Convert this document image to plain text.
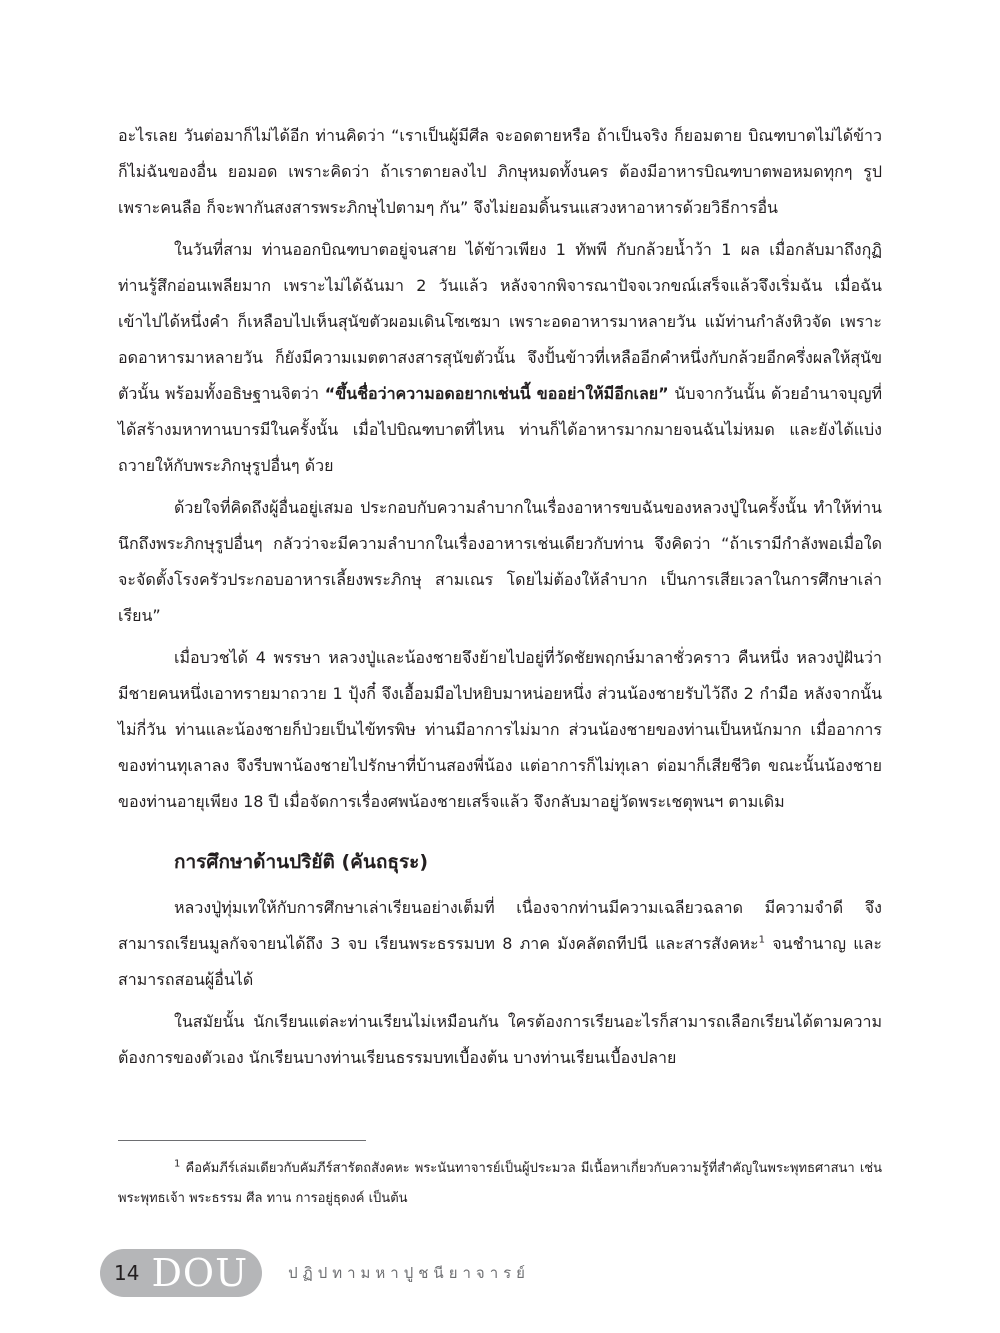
อะไรเลย วันต่อมาก็ไม่ได้อีก ท่านคิดว่า “เราเป็นผู้มีศีล จะอดตายหรือ ถ้าเป็นจริง ก็ยอมตาย บิณฑบาตไม่ได้ข้าว ก็ไม่ฉันของอื่น ยอมอด เพราะคิดว่า ถ้าเราตายลงไป ภิกษุหมดทั้งนคร ต้องมีอาหารบิณฑบาตพอหมดทุกๆ รูป เพราะคนลือ ก็จะพากันสงสารพระภิกษุไปตามๆ กัน” จึงไม่ยอมดิ้นรนแสวงหาอาหารด้วยวิธีการอื่น

ในวันที่สาม ท่านออกบิณฑบาตอยู่จนสาย ได้ข้าวเพียง 1 ทัพพี กับกล้วยน้ำว้า 1 ผล เมื่อกลับมาถึงกุฏิ ท่านรู้สึกอ่อนเพลียมาก เพราะไม่ได้ฉันมา 2 วันแล้ว หลังจากพิจารณาปัจจเวกขณ์เสร็จแล้วจึงเริ่มฉัน เมื่อฉันเข้าไปได้หนึ่งคำ ก็เหลือบไปเห็นสุนัขตัวผอมเดินโซเซมา เพราะอดอาหารมาหลายวัน แม้ท่านกำลังหิวจัด เพราะอดอาหารมาหลายวัน ก็ยังมีความเมตตาสงสารสุนัขตัวนั้น จึงปั้นข้าวที่เหลืออีกคำหนึ่งกับกล้วยอีกครึ่งผลให้สุนัขตัวนั้น พร้อมทั้งอธิษฐานจิตว่า “ขึ้นชื่อว่าความอดอยากเช่นนี้ ขออย่าให้มีอีกเลย” นับจากวันนั้น ด้วยอำนาจบุญที่ได้สร้างมหาทานบารมีในครั้งนั้น เมื่อไปบิณฑบาตที่ไหน ท่านก็ได้อาหารมากมายจนฉันไม่หมด และยังได้แบ่งถวายให้กับพระภิกษุรูปอื่นๆ ด้วย

ด้วยใจที่คิดถึงผู้อื่นอยู่เสมอ ประกอบกับความลำบากในเรื่องอาหารขบฉันของหลวงปู่ในครั้งนั้น ทำให้ท่านนึกถึงพระภิกษุรูปอื่นๆ กลัวว่าจะมีความลำบากในเรื่องอาหารเช่นเดียวกับท่าน จึงคิดว่า “ถ้าเรามีกำลังพอเมื่อใด จะจัดตั้งโรงครัวประกอบอาหารเลี้ยงพระภิกษุ สามเณร โดยไม่ต้องให้ลำบาก เป็นการเสียเวลาในการศึกษาเล่าเรียน”

เมื่อบวชได้ 4 พรรษา หลวงปู่และน้องชายจึงย้ายไปอยู่ที่วัดชัยพฤกษ์มาลาชั่วคราว คืนหนึ่ง หลวงปู่ฝันว่า มีชายคนหนึ่งเอาทรายมาถวาย 1 ปุ้งกี๋ จึงเอื้อมมือไปหยิบมาหน่อยหนึ่ง ส่วนน้องชายรับไว้ถึง 2 กำมือ หลังจากนั้นไม่กี่วัน ท่านและน้องชายก็ป่วยเป็นไข้ทรพิษ ท่านมีอาการไม่มาก ส่วนน้องชายของท่านเป็นหนักมาก เมื่ออาการของท่านทุเลาลง จึงรีบพาน้องชายไปรักษาที่บ้านสองพี่น้อง แต่อาการก็ไม่ทุเลา ต่อมาก็เสียชีวิต ขณะนั้นน้องชายของท่านอายุเพียง 18 ปี เมื่อจัดการเรื่องศพน้องชายเสร็จแล้ว จึงกลับมาอยู่วัดพระเชตุพนฯ ตามเดิม

การศึกษาด้านปริยัติ (คันถธุระ)

หลวงปู่ทุ่มเทให้กับการศึกษาเล่าเรียนอย่างเต็มที่ เนื่องจากท่านมีความเฉลียวฉลาด มีความจำดี จึงสามารถเรียนมูลกัจจายนได้ถึง 3 จบ เรียนพระธรรมบท 8 ภาค มังคลัตถทีปนี และสารสังคหะ$^1$ จนชำนาญ และสามารถสอนผู้อื่นได้

ในสมัยนั้น นักเรียนแต่ละท่านเรียนไม่เหมือนกัน ใครต้องการเรียนอะไรก็สามารถเลือกเรียนได้ตามความต้องการของตัวเอง นักเรียนบางท่านเรียนธรรมบทเบื้องต้น บางท่านเรียนเบื้องปลาย

$^1$ คือคัมภีร์เล่มเดียวกับคัมภีร์สารัตถสังคหะ พระนันทาจารย์เป็นผู้ประมวล มีเนื้อหาเกี่ยวกับความรู้ที่สำคัญในพระพุทธศาสนา เช่น พระพุทธเจ้า พระธรรม ศีล ทาน การอยู่ธุดงค์ เป็นต้น

14 DOU	ปฏิปทามหาปูชนียาจารย์
